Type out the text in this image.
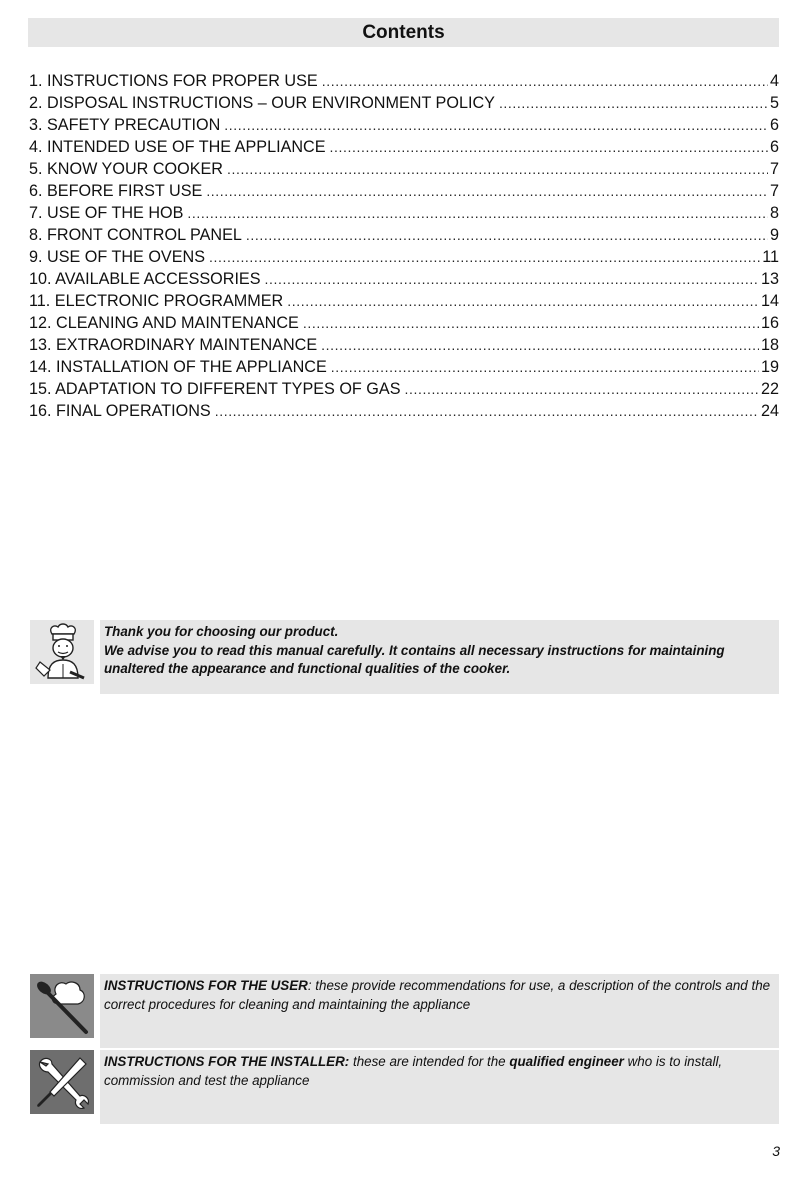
Contents
1. INSTRUCTIONS FOR PROPER USE .....	4
2. DISPOSAL INSTRUCTIONS – OUR ENVIRONMENT POLICY .....	5
3. SAFETY PRECAUTION .....	6
4. INTENDED USE OF THE APPLIANCE .....	6
5. KNOW YOUR COOKER .....	7
6. BEFORE FIRST USE .....	7
7. USE OF THE HOB .....	8
8. FRONT CONTROL PANEL .....	9
9. USE OF THE OVENS .....	11
10. AVAILABLE ACCESSORIES .....	13
11. ELECTRONIC PROGRAMMER .....	14
12. CLEANING AND MAINTENANCE .....	16
13. EXTRAORDINARY MAINTENANCE .....	18
14. INSTALLATION OF THE APPLIANCE .....	19
15. ADAPTATION TO DIFFERENT TYPES OF GAS .....	22
16. FINAL OPERATIONS .....	24

Thank you for choosing our product.

We advise you to read this manual carefully. It contains all necessary instructions for maintaining unaltered the appearance and functional qualities of the cooker.

INSTRUCTIONS FOR THE USER: these provide recommendations for use, a description of the controls and the correct procedures for cleaning and maintaining the appliance

INSTRUCTIONS FOR THE INSTALLER: these are intended for the qualified engineer who is to install, commission and test the appliance

3
